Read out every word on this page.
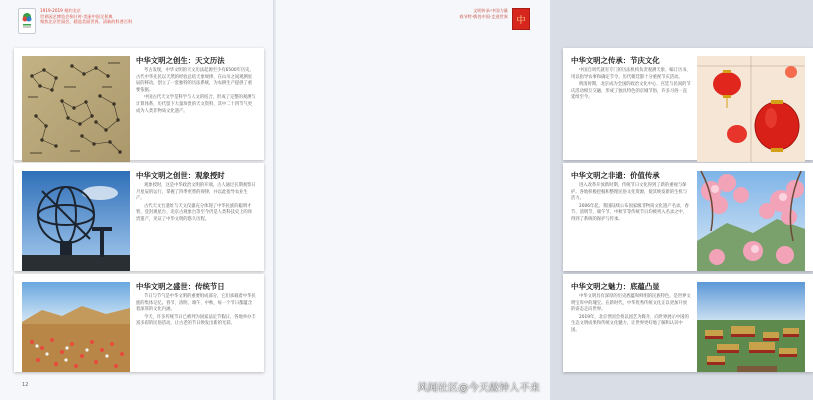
1919-2019 相约北京
世界园艺博览会倒计时·美丽中国全景典
聚焦北京世园会，精选美丽世界、清新的科普百科
中华文明之创生：天文历法

考古发现，中华文明的天文历法起源至少有6500年历史。古代中华先民以天然的经验总结天象规律，在山川之间观测星辰的移动，创立了一套独特的历法系统，为农耕生产提供了重要依据。

中国古代天文学是科学与人文的结合，形成了完整的观测与计算体系，历代留下大量珍贵的天文资料，其中二十四节气更成为人类非物质文化遗产。

中华文明之创世：观象授时

观象授时，这是中华政治文明的开端。古人通过长期观察日月星辰的运行，掌握了四季更替的规律，并以此指导农业生产。

古代天文台遗址与天文仪器充分体现了中华民族的聪明才智，登封观星台、北京古观象台等至今仍是人类科技史上的珍贵遗产，见证了中华文明的悠久历程。

中华文明之盛世：传统节日

节日与节气是中华文明的重要组成部分，它们承载着中华民族的集体记忆。春节、清明、端午、中秋，每一个节日都蕴含着深厚的文化内涵。

今天，许多传统节日已被列为国家法定节假日，各地举办丰富多彩的民俗活动，让古老的节日焕发出新的光彩。

12
文明传承·中国力量
春节特·敬畏中国·走进世界 中
中华文明之传承：节庆文化

中国自周代就有专门的历法机构负责观测天象、编订历书，用以指导农事和确定节令。历代朝廷都十分重视节庆活动。

明清时期，北京成为全国的政治文化中心，宫廷与民间的节庆活动相互交融，形成了独具特色的京城节俗，许多习俗一直延续至今。

中华文明之非遗：价值传承

进入改革开放新时期，传统节日文化得到了新的重视与保护。各地积极挖掘和整理民俗文化资源，使其焕发新的生机与活力。

2006年起，我国陆续公布国家级非物质文化遗产名录，春节、清明节、端午节、中秋节等传统节日均被列入名录之中，得到了系统的保护与传承。

中华文明之魅力：底蕴凸显

中华文明具有深厚的历史底蕴和鲜明的民族特色，是世界文明宝库中的瑰宝。在新时代，中华优秀传统文化正以更加开放的姿态走向世界。

2019年，北京世园会将以园艺为媒介，向世界展示中国的生态文明成果和传统文化魅力，让世界更好地了解和认识中国。

风闻社区@今天敲钟人不来
